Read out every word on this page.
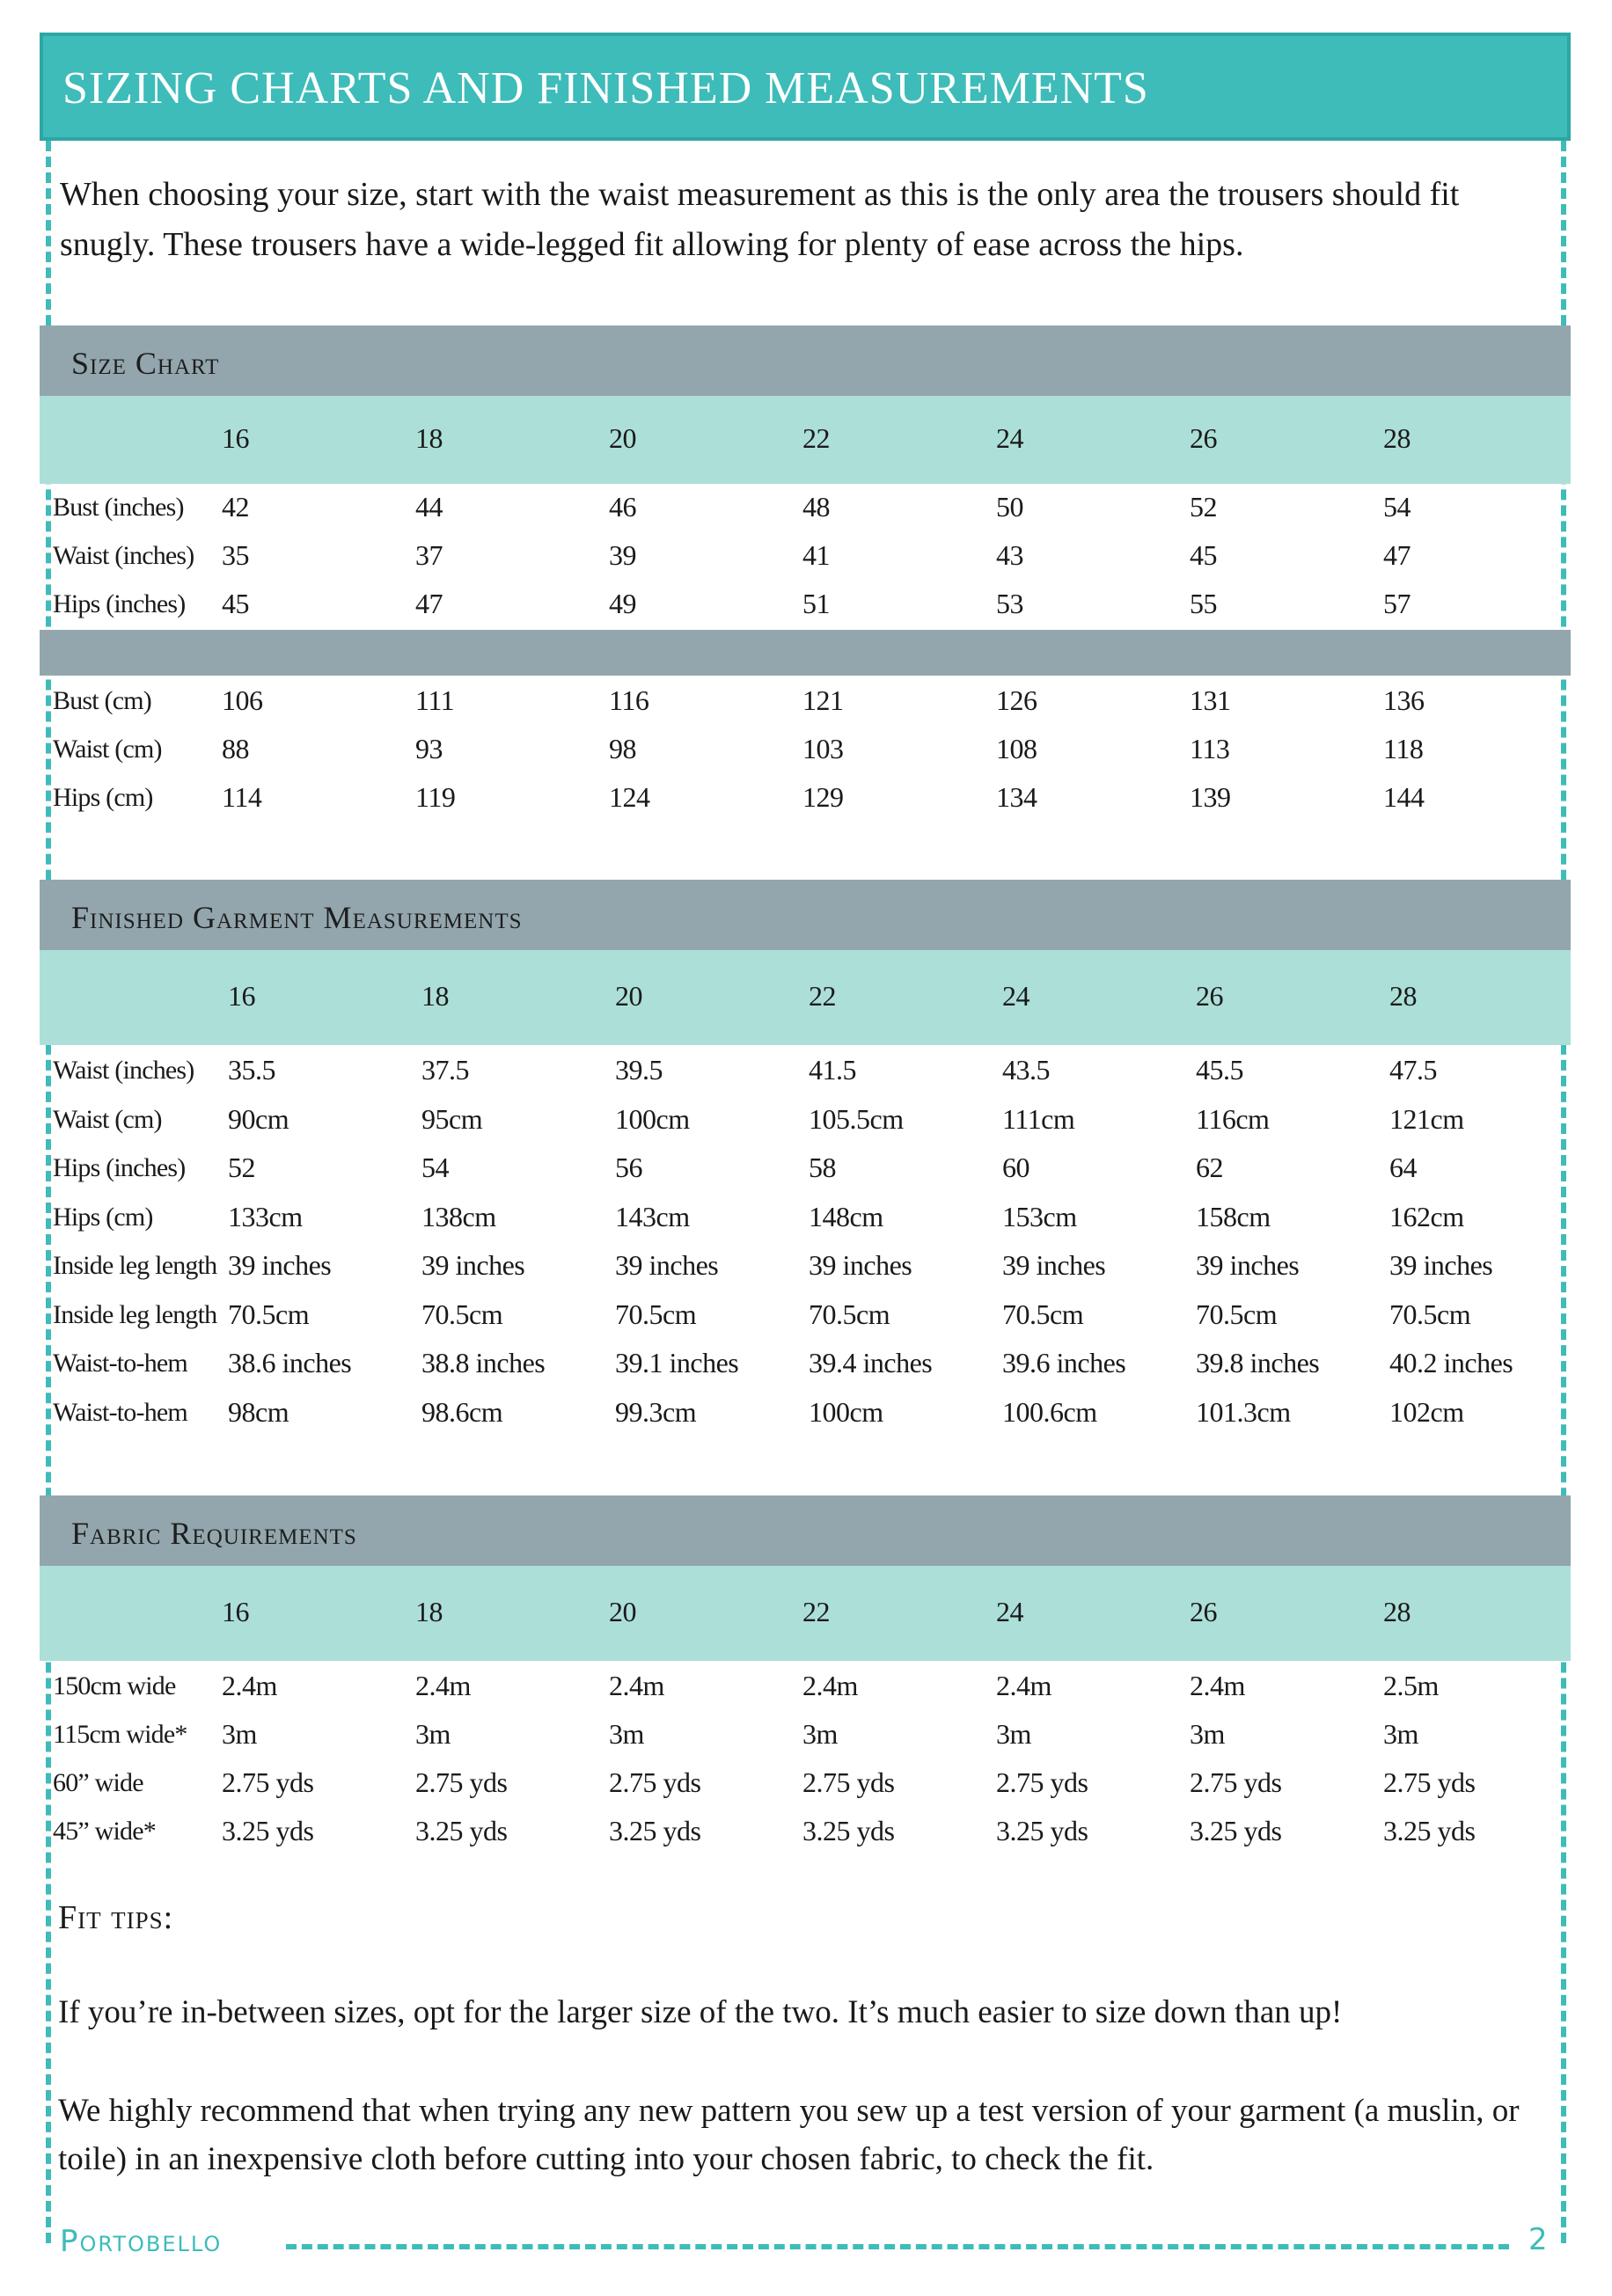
SIZING CHARTS AND FINISHED MEASUREMENTS
When choosing your size, start with the waist measurement as this is the only area the trousers should fit snugly. These trousers have a wide-legged fit allowing for plenty of ease across the hips.
Size Chart
16	18	20	22	24	26	28
Bust (inches) 42	44	46	48	50	52	54
Waist (inches) 35	37	39	41	43	45	47
Hips (inches) 45	47	49	51	53	55	57
Bust (cm)	106	111	116	121	126	131	136
Waist (cm) 88	93	98	103	108	113	118
Hips (cm) 114	119	124	129	134	139	144
Finished Garment Measurements
16	18	20	22	24	26	28
Waist (inches) 35.5	37.5	39.5	41.5	43.5	45.5	47.5
Waist (cm) 90cm	95cm	100cm	105.5cm	111cm	116cm	121cm
Hips (inches) 52	54	56	58	60	62	64
Hips (cm)	133cm	138cm	143cm	148cm	153cm	158cm	162cm
Inside leg length 39 inches	39 inches	39 inches	39 inches	39 inches	39 inches	39 inches
Inside leg length 70.5cm	70.5cm	70.5cm	70.5cm	70.5cm	70.5cm	70.5cm
Waist-to-hem 38.6 inches 38.8 inches 39.1 inches 39.4 inches 39.6 inches 39.8 inches 40.2 inches
Waist-to-hem 98cm	98.6cm	99.3cm	100cm	100.6cm	101.3cm	102cm
Fabric Requirements
16	18	20	22	24	26	28
150cm wide 2.4m	2.4m	2.4m	2.4m	2.4m	2.4m	2.5m
115cm wide* 3m	3m	3m	3m	3m	3m	3m
60” wide	2.75 yds	2.75 yds	2.75 yds	2.75 yds	2.75 yds	2.75 yds	2.75 yds
45” wide* 3.25 yds	3.25 yds	3.25 yds	3.25 yds	3.25 yds	3.25 yds	3.25 yds
Fit tips:
If you’re in-between sizes, opt for the larger size of the two. It’s much easier to size down than up!
We highly recommend that when trying any new pattern you sew up a test version of your garment (a muslin, or toile) in an inexpensive cloth before cutting into your chosen fabric, to check the fit.
Portobello	2
